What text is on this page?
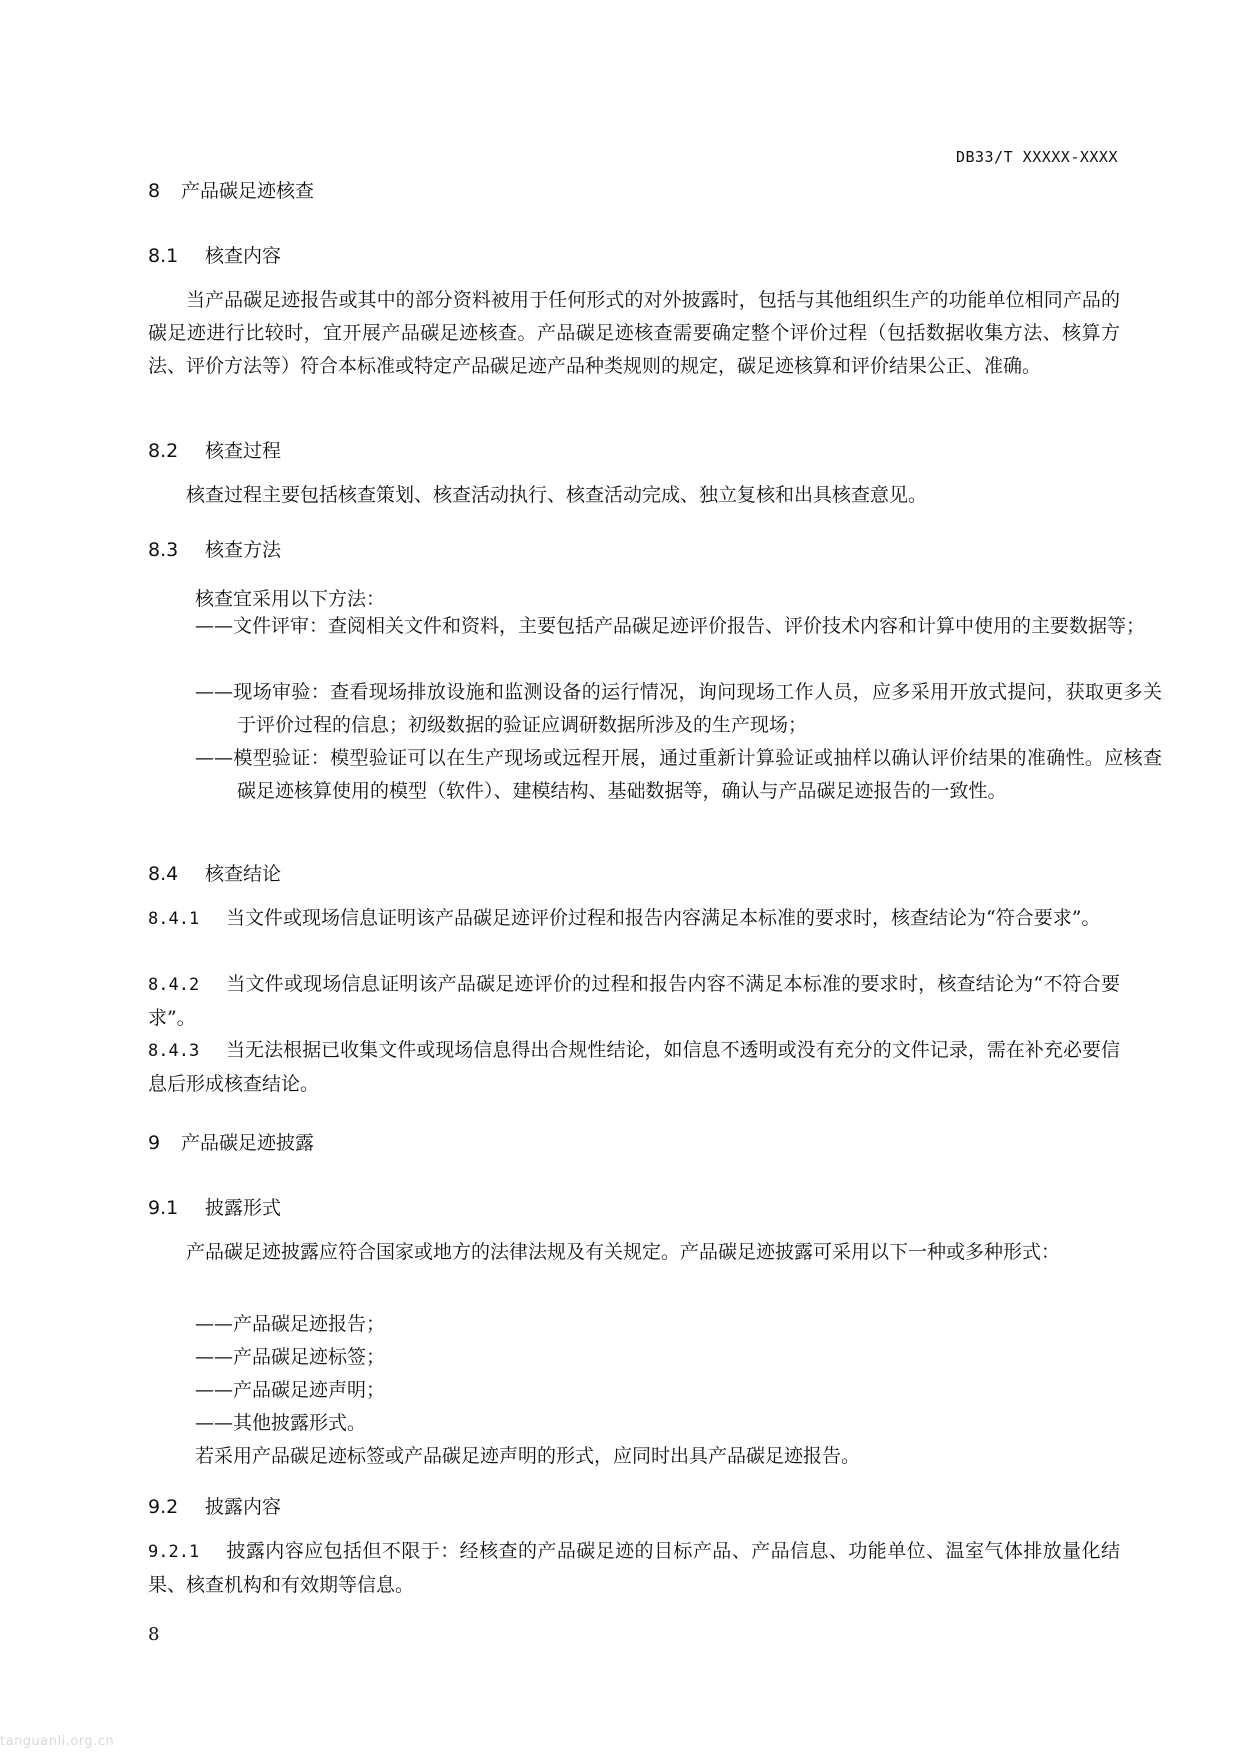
DB33/T XXXXX-XXXX
8 产品碳足迹核查
8.1 核查内容
当产品碳足迹报告或其中的部分资料被用于任何形式的对外披露时，包括与其他组织生产的功能单位相同产品的碳足迹进行比较时，宜开展产品碳足迹核查。产品碳足迹核查需要确定整个评价过程（包括数据收集方法、核算方法、评价方法等）符合本标准或特定产品碳足迹产品种类规则的规定，碳足迹核算和评价结果公正、准确。
8.2 核查过程
核查过程主要包括核查策划、核查活动执行、核查活动完成、独立复核和出具核查意见。
8.3 核查方法
核查宜采用以下方法：
——文件评审：查阅相关文件和资料，主要包括产品碳足迹评价报告、评价技术内容和计算中使用的主要数据等；
——现场审验：查看现场排放设施和监测设备的运行情况，询问现场工作人员，应多采用开放式提问，获取更多关于评价过程的信息；初级数据的验证应调研数据所涉及的生产现场；
——模型验证：模型验证可以在生产现场或远程开展，通过重新计算验证或抽样以确认评价结果的准确性。应核查碳足迹核算使用的模型（软件）、建模结构、基础数据等，确认与产品碳足迹报告的一致性。
8.4 核查结论
8.4.1 当文件或现场信息证明该产品碳足迹评价过程和报告内容满足本标准的要求时，核查结论为“符合要求”。
8.4.2 当文件或现场信息证明该产品碳足迹评价的过程和报告内容不满足本标准的要求时，核查结论为“不符合要求”。
8.4.3 当无法根据已收集文件或现场信息得出合规性结论，如信息不透明或没有充分的文件记录，需在补充必要信息后形成核查结论。
9 产品碳足迹披露
9.1 披露形式
产品碳足迹披露应符合国家或地方的法律法规及有关规定。产品碳足迹披露可采用以下一种或多种形式：
——产品碳足迹报告；
——产品碳足迹标签；
——产品碳足迹声明；
——其他披露形式。
若采用产品碳足迹标签或产品碳足迹声明的形式，应同时出具产品碳足迹报告。
9.2 披露内容
9.2.1 披露内容应包括但不限于：经核查的产品碳足迹的目标产品、产品信息、功能单位、温室气体排放量化结果、核查机构和有效期等信息。
8
tanguanli.org.cn
